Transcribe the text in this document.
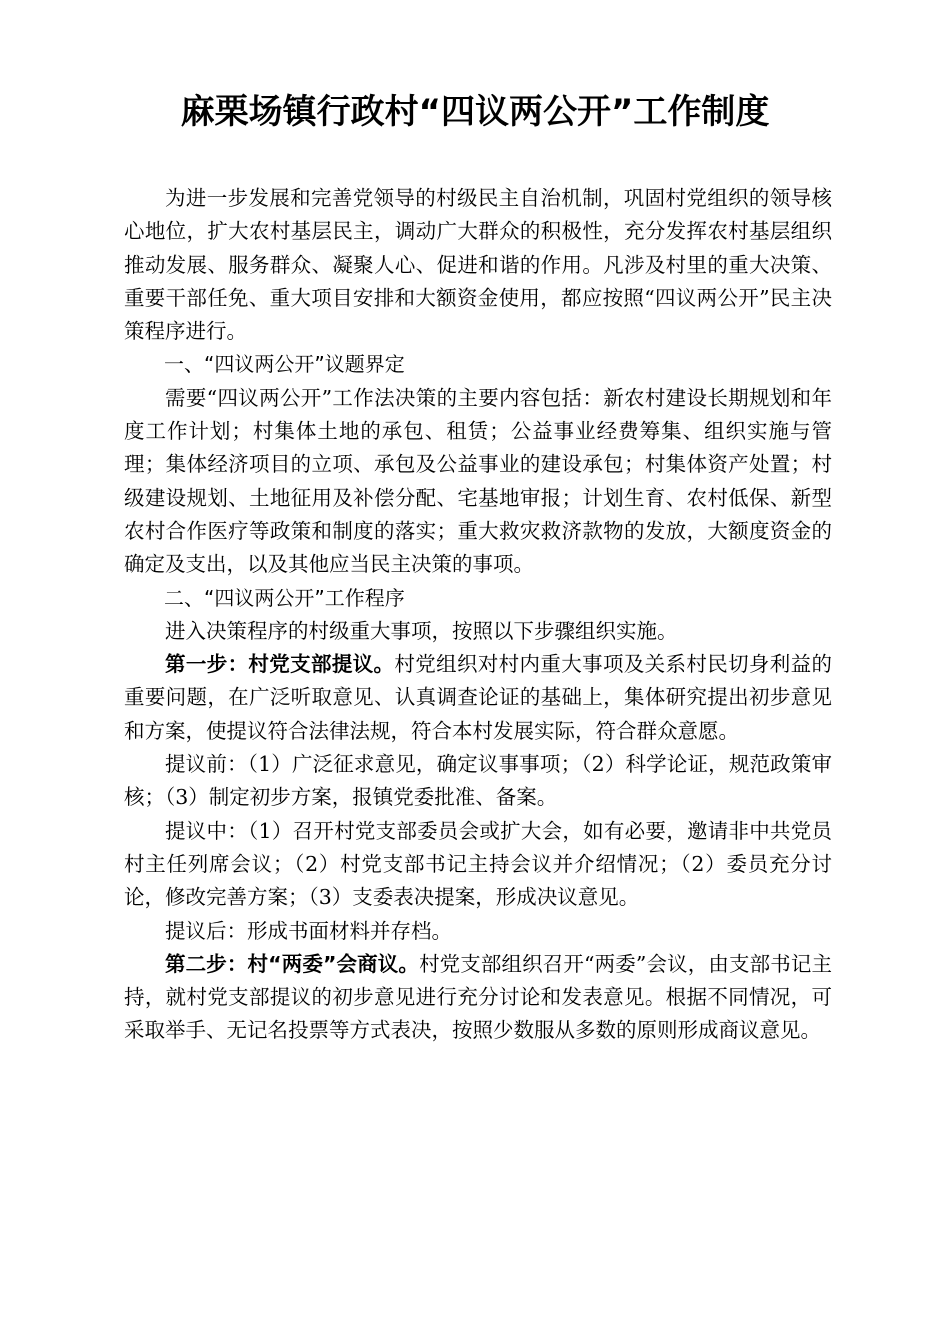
麻栗场镇行政村“四议两公开”工作制度

为进一步发展和完善党领导的村级民主自治机制，巩固村党组织的领导核心地位，扩大农村基层民主，调动广大群众的积极性，充分发挥农村基层组织推动发展、服务群众、凝聚人心、促进和谐的作用。凡涉及村里的重大决策、重要干部任免、重大项目安排和大额资金使用，都应按照“四议两公开”民主决策程序进行。

一、“四议两公开”议题界定

需要“四议两公开”工作法决策的主要内容包括：新农村建设长期规划和年度工作计划；村集体土地的承包、租赁；公益事业经费筹集、组织实施与管理；集体经济项目的立项、承包及公益事业的建设承包；村集体资产处置；村级建设规划、土地征用及补偿分配、宅基地审报；计划生育、农村低保、新型农村合作医疗等政策和制度的落实；重大救灾救济款物的发放，大额度资金的确定及支出，以及其他应当民主决策的事项。

二、“四议两公开”工作程序

进入决策程序的村级重大事项，按照以下步骤组织实施。

第一步：村党支部提议。村党组织对村内重大事项及关系村民切身利益的重要问题，在广泛听取意见、认真调查论证的基础上，集体研究提出初步意见和方案，使提议符合法律法规，符合本村发展实际，符合群众意愿。

提议前：（1）广泛征求意见，确定议事事项；（2）科学论证，规范政策审核；（3）制定初步方案，报镇党委批准、备案。

提议中：（1）召开村党支部委员会或扩大会，如有必要，邀请非中共党员村主任列席会议；（2）村党支部书记主持会议并介绍情况；（2）委员充分讨论，修改完善方案；（3）支委表决提案，形成决议意见。

提议后：形成书面材料并存档。

第二步：村“两委”会商议。村党支部组织召开“两委”会议，由支部书记主持，就村党支部提议的初步意见进行充分讨论和发表意见。根据不同情况，可采取举手、无记名投票等方式表决，按照少数服从多数的原则形成商议意见。
